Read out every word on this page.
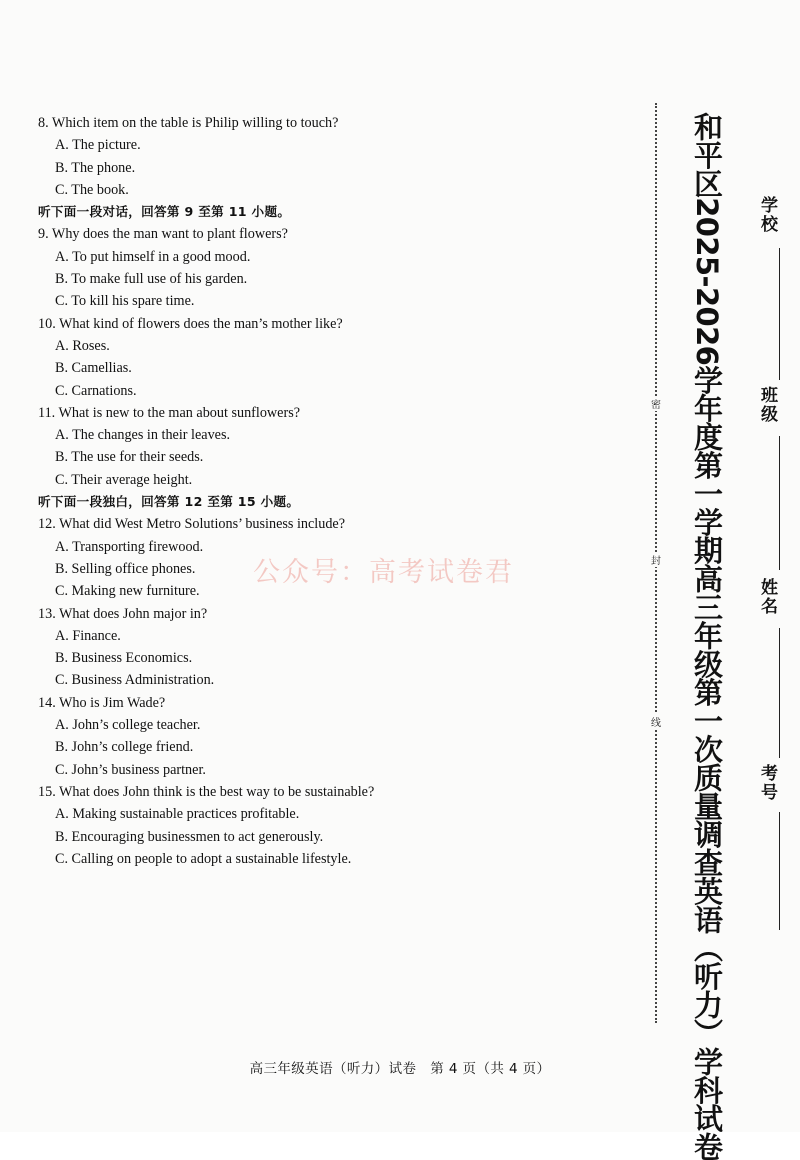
8. Which item on the table is Philip willing to touch?
A. The picture.
B. The phone.
C. The book.
听下面一段对话，回答第 9 至第 11 小题。
9. Why does the man want to plant flowers?
A. To put himself in a good mood.
B. To make full use of his garden.
C. To kill his spare time.
10. What kind of flowers does the man’s mother like?
A. Roses.
B. Camellias.
C. Carnations.
11. What is new to the man about sunflowers?
A. The changes in their leaves.
B. The use for their seeds.
C. Their average height.
听下面一段独白，回答第 12 至第 15 小题。
12. What did West Metro Solutions’ business include?
A. Transporting firewood.
B. Selling office phones.
C. Making new furniture.
13. What does John major in?
A. Finance.
B. Business Economics.
C. Business Administration.
14. Who is Jim Wade?
A. John’s college teacher.
B. John’s college friend.
C. John’s business partner.
15. What does John think is the best way to be sustainable?
A. Making sustainable practices profitable.
B. Encouraging businessmen to act generously.
C. Calling on people to adopt a sustainable lifestyle.
公众号：高考试卷君
密
封
线 和平区2025-2026学年度第一学期高三年级第一次质量调查英语（听力）学科试卷 学校
班级
姓名
考号
高三年级英语（听力）试卷　第 4 页（共 4 页）
